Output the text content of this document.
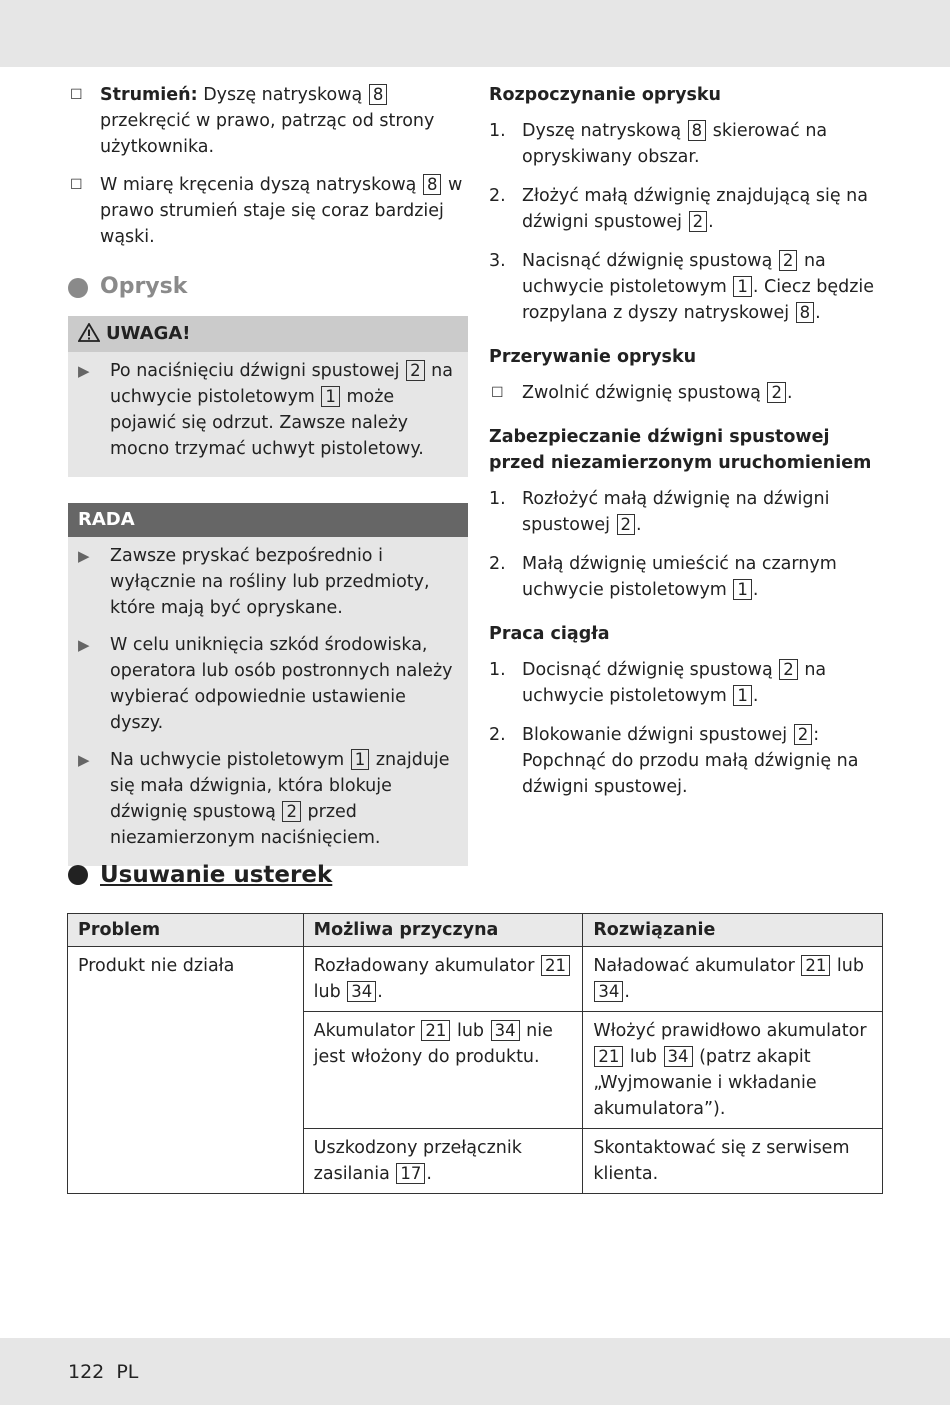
☐ Strumień: Dyszę natryskową 8 przekręcić w prawo, patrząc od strony użytkownika.

☐ W miarę kręcenia dyszą natryskową 8 w prawo strumień staje się coraz bardziej wąski.

Oprysk
UWAGA!

▶ Po naciśnięciu dźwigni spustowej 2 na uchwycie pistoletowym 1 może pojawić się odrzut. Zawsze należy mocno trzymać uchwyt pistoletowy.

RADA

▶ Zawsze pryskać bezpośrednio i wyłącznie na rośliny lub przedmioty, które mają być opryskane.

▶ W celu uniknięcia szkód środowiska, operatora lub osób postronnych należy wybierać odpowiednie ustawienie dyszy.

▶ Na uchwycie pistoletowym 1 znajduje się mała dźwignia, która blokuje dźwignię spustową 2 przed niezamierzonym naciśnięciem.

Rozpoczynanie oprysku

1. Dyszę natryskową 8 skierować na opryskiwany obszar.

2. Złożyć małą dźwignię znajdującą się na dźwigni spustowej 2 .

3. Nacisnąć dźwignię spustową 2 na uchwycie pistoletowym 1 . Ciecz będzie rozpylana z dyszy natryskowej 8 .

Przerywanie oprysku

☐ Zwolnić dźwignię spustową 2 .

Zabezpieczanie dźwigni spustowej przed niezamierzonym uruchomieniem

1. Rozłożyć małą dźwignię na dźwigni spustowej 2 .

2. Małą dźwignię umieścić na czarnym uchwycie pistoletowym 1 .

Praca ciągła

1. Docisnąć dźwignię spustową 2 na uchwycie pistoletowym 1 .

2. Blokowanie dźwigni spustowej 2 : Popchnąć do przodu małą dźwignię na dźwigni spustowej.

Usuwanie usterek
Problem	Możliwa przyczyna	Rozwiązanie
Produkt nie działa	Rozładowany akumulator 21 lub 34 .	Naładować akumulator 21 lub 34 .
	Akumulator 21 lub 34 nie jest włożony do produktu.	Włożyć prawidłowo akumulator 21 lub 34 (patrz akapit „Wyjmowanie i wkładanie akumulatora”).
	Uszkodzony przełącznik zasilania 17 .	Skontaktować się z serwisem klienta.
122  PL
